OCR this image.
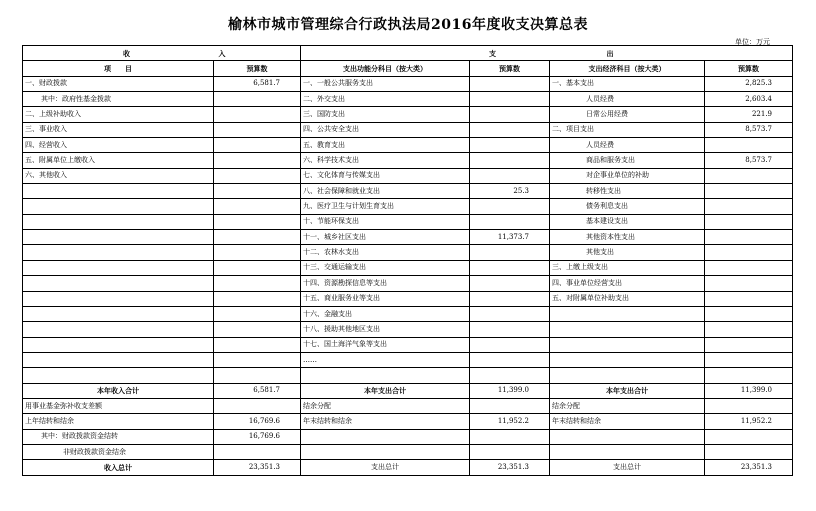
榆林市城市管理综合行政执法局2016年度收支决算总表
单位：万元
收 入		支 出			
项　　目	预算数	支出功能分科目（按大类）	预算数	支出经济科目（按大类）	预算数
一、财政拨款	6,581.7	一、一般公共服务支出		一、基本支出	2,825.3
其中：政府性基金拨款		二、外交支出		人员经费	2,603.4
二、上级补助收入		三、国防支出		日常公用经费	221.9
三、事业收入		四、公共安全支出		二、项目支出	8,573.7
四、经营收入		五、教育支出		人员经费	
五、附属单位上缴收入		六、科学技术支出		商品和服务支出	8,573.7
六、其他收入		七、文化体育与传媒支出		对企事业单位的补助	
		八、社会保障和就业支出	25.3	转移性支出	
		九、医疗卫生与计划生育支出		债务利息支出	
		十、节能环保支出		基本建设支出	
		十一、城乡社区支出	11,373.7	其他资本性支出	
		十二、农林水支出		其他支出	
		十三、交通运输支出		三、上缴上级支出	
		十四、资源勘探信息等支出		四、事业单位经营支出	
		十五、商业服务业等支出		五、对附属单位补助支出	
		十六、金融支出			
		十八、援助其他地区支出			
		十七、国土海洋气象等支出			
		……			

本年收入合计	6,581.7	本年支出合计	11,399.0	本年支出合计	11,399.0
用事业基金弥补收支差额		结余分配		结余分配	
上年结转和结余	16,769.6	年末结转和结余	11,952.2	年末结转和结余	11,952.2
其中：财政拨款资金结转	16,769.6				
非财政拨款资金结余					
收入总计	23,351.3	支出总计	23,351.3	支出总计	23,351.3
